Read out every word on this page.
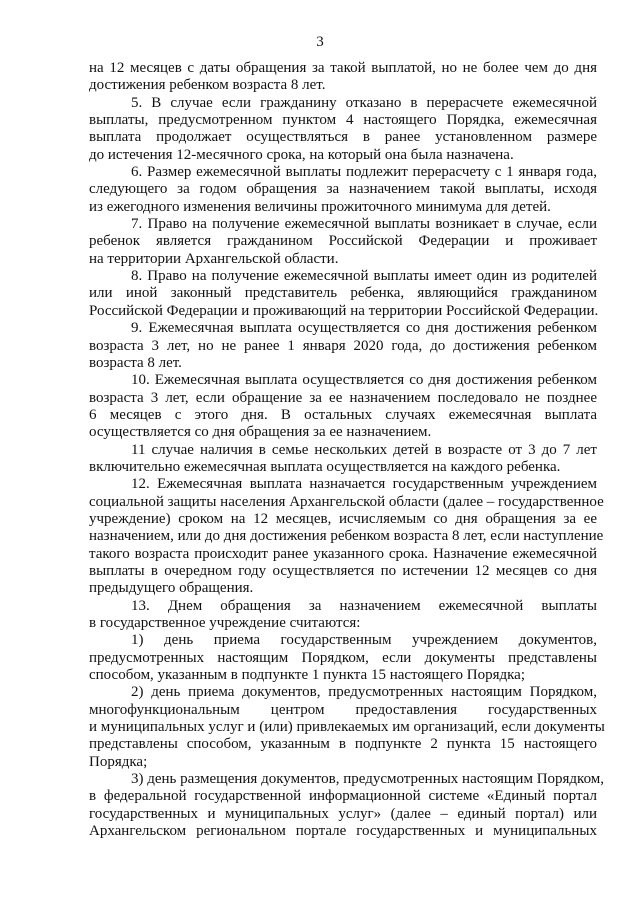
3
на 12 месяцев с даты обращения за такой выплатой, но не более чем до дня
достижения ребенком возраста 8 лет.
5. В случае если гражданину отказано в перерасчете ежемесячной
выплаты, предусмотренном пунктом 4 настоящего Порядка, ежемесячная
выплата продолжает осуществляться в ранее установленном размере
до истечения 12-месячного срока, на который она была назначена.
6. Размер ежемесячной выплаты подлежит перерасчету с 1 января года,
следующего за годом обращения за назначением такой выплаты, исходя
из ежегодного изменения величины прожиточного минимума для детей.
7. Право на получение ежемесячной выплаты возникает в случае, если
ребенок является гражданином Российской Федерации и проживает
на территории Архангельской области.
8. Право на получение ежемесячной выплаты имеет один из родителей
или иной законный представитель ребенка, являющийся гражданином
Российской Федерации и проживающий на территории Российской Федерации.
9. Ежемесячная выплата осуществляется со дня достижения ребенком
возраста 3 лет, но не ранее 1 января 2020 года, до достижения ребенком
возраста 8 лет.
10. Ежемесячная выплата осуществляется со дня достижения ребенком
возраста 3 лет, если обращение за ее назначением последовало не позднее
6 месяцев с этого дня. В остальных случаях ежемесячная выплата
осуществляется со дня обращения за ее назначением.
11 случае наличия в семье нескольких детей в возрасте от 3 до 7 лет
включительно ежемесячная выплата осуществляется на каждого ребенка.
12. Ежемесячная выплата назначается государственным учреждением
социальной защиты населения Архангельской области (далее – государственное
учреждение) сроком на 12 месяцев, исчисляемым со дня обращения за ее
назначением, или до дня достижения ребенком возраста 8 лет, если наступление
такого возраста происходит ранее указанного срока. Назначение ежемесячной
выплаты в очередном году осуществляется по истечении 12 месяцев со дня
предыдущего обращения.
13. Днем обращения за назначением ежемесячной выплаты
в государственное учреждение считаются:
1) день приема государственным учреждением документов,
предусмотренных настоящим Порядком, если документы представлены
способом, указанным в подпункте 1 пункта 15 настоящего Порядка;
2) день приема документов, предусмотренных настоящим Порядком,
многофункциональным центром предоставления государственных
и муниципальных услуг и (или) привлекаемых им организаций, если документы
представлены способом, указанным в подпункте 2 пункта 15 настоящего
Порядка;
3) день размещения документов, предусмотренных настоящим Порядком,
в федеральной государственной информационной системе «Единый портал
государственных и муниципальных услуг» (далее – единый портал) или
Архангельском региональном портале государственных и муниципальных
